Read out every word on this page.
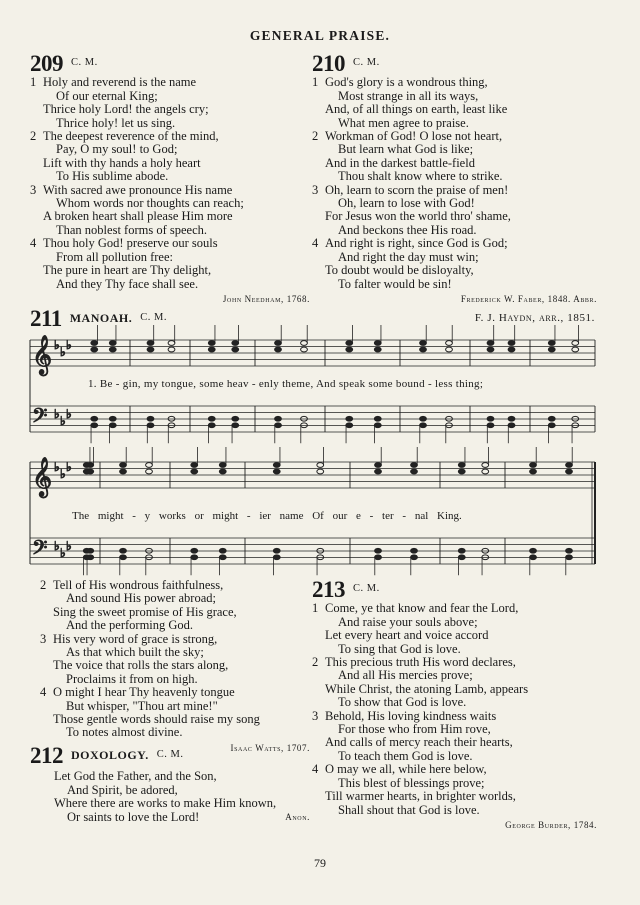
GENERAL PRAISE.
209 $^{C. M.}$
1 Holy and reverend is the name
Of our eternal King;
Thrice holy Lord! the angels cry;
Thrice holy! let us sing.
2 The deepest reverence of the mind,
Pay, O my soul! to God;
Lift with thy hands a holy heart
To His sublime abode.
3 With sacred awe pronounce His name
Whom words nor thoughts can reach;
A broken heart shall please Him more
Than noblest forms of speech.
4 Thou holy God! preserve our souls
From all pollution free:
The pure in heart are Thy delight,
And they Thy face shall see.
John Needham, 1768.
210 $^{C. M.}$
1 God's glory is a wondrous thing,
Most strange in all its ways,
And, of all things on earth, least like
What men agree to praise.
2 Workman of God! O lose not heart,
But learn what God is like;
And in the darkest battle-field
Thou shalt know where to strike.
3 Oh, learn to scorn the praise of men!
Oh, learn to lose with God!
For Jesus won the world thro' shame,
And beckons thee His road.
4 And right is right, since God is God;
And right the day must win;
To doubt would be disloyalty,
To falter would be sin!
Frederick W. Faber, 1848. Abbr.
211 $^{MANOAH.}$ $^{C. M.}$	F. J. Haydn, arr., 1851.
𝄞
𝄢
♭
♭
♭
♭
♭
♭
𝄞
𝄢
♭
♭
♭
♭
♭
♭
1. Be - gin, my tongue, some heav - enly theme, And speak some bound - less thing;
The might - y works or might - ier name Of our e - ter - nal King.
2 Tell of His wondrous faithfulness,
And sound His power abroad;
Sing the sweet promise of His grace,
And the performing God.
3 His very word of grace is strong,
As that which built the sky;
The voice that rolls the stars along,
Proclaims it from on high.
4 O might I hear Thy heavenly tongue
But whisper, "Thou art mine!"
Those gentle words should raise my song
To notes almost divine.
Isaac Watts, 1707.
212 DOXOLOGY. $^{C. M.}$
Let God the Father, and the Son,
And Spirit, be adored,
Where there are works to make Him known,
Or saints to love the Lord!	Anon.
213 $^{C. M.}$
1 Come, ye that know and fear the Lord,
And raise your souls above;
Let every heart and voice accord
To sing that God is love.
2 This precious truth His word declares,
And all His mercies prove;
While Christ, the atoning Lamb, appears
To show that God is love.
3 Behold, His loving kindness waits
For those who from Him rove,
And calls of mercy reach their hearts,
To teach them God is love.
4 O may we all, while here below,
This blest of blessings prove;
Till warmer hearts, in brighter worlds,
Shall shout that God is love.
George Burder, 1784.
79
